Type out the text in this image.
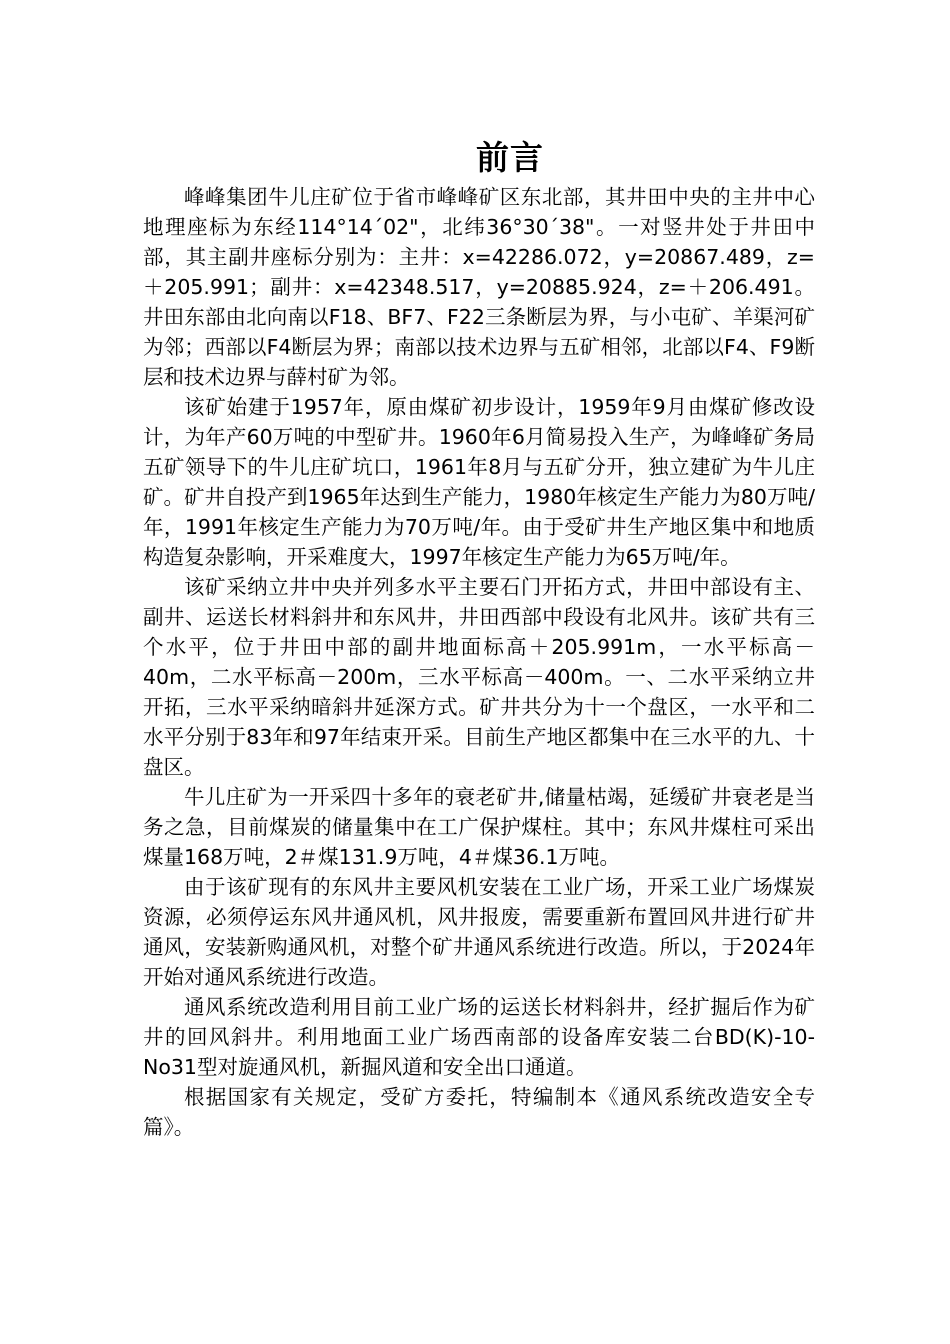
前言

峰峰集团牛儿庄矿位于省市峰峰矿区东北部，其井田中央的主井中心地理座标为东经114°14´02"，北纬36°30´38"。一对竖井处于井田中部，其主副井座标分别为：主井：x=42286.072，y=20867.489，z=＋205.991；副井：x=42348.517，y=20885.924，z=＋206.491。井田东部由北向南以F18、BF7、F22三条断层为界，与小屯矿、羊渠河矿为邻；西部以F4断层为界；南部以技术边界与五矿相邻，北部以F4、F9断层和技术边界与薛村矿为邻。

该矿始建于1957年，原由煤矿初步设计，1959年9月由煤矿修改设计，为年产60万吨的中型矿井。1960年6月简易投入生产，为峰峰矿务局五矿领导下的牛儿庄矿坑口，1961年8月与五矿分开，独立建矿为牛儿庄矿。矿井自投产到1965年达到生产能力，1980年核定生产能力为80万吨/年，1991年核定生产能力为70万吨/年。由于受矿井生产地区集中和地质构造复杂影响，开采难度大，1997年核定生产能力为65万吨/年。

该矿采纳立井中央并列多水平主要石门开拓方式，井田中部设有主、副井、运送长材料斜井和东风井，井田西部中段设有北风井。该矿共有三个水平，位于井田中部的副井地面标高＋205.991m，一水平标高－40m，二水平标高－200m，三水平标高－400m。一、二水平采纳立井开拓，三水平采纳暗斜井延深方式。矿井共分为十一个盘区，一水平和二水平分别于83年和97年结束开采。目前生产地区都集中在三水平的九、十盘区。

牛儿庄矿为一开采四十多年的衰老矿井,储量枯竭，延缓矿井衰老是当务之急，目前煤炭的储量集中在工广保护煤柱。其中；东风井煤柱可采出煤量168万吨，2＃煤131.9万吨，4＃煤36.1万吨。

由于该矿现有的东风井主要风机安装在工业广场，开采工业广场煤炭资源，必须停运东风井通风机，风井报废，需要重新布置回风井进行矿井通风，安装新购通风机，对整个矿井通风系统进行改造。所以，于2024年开始对通风系统进行改造。

通风系统改造利用目前工业广场的运送长材料斜井，经扩掘后作为矿井的回风斜井。利用地面工业广场西南部的设备库安装二台BD(K)-10-No31型对旋通风机，新掘风道和安全出口通道。

根据国家有关规定，受矿方委托，特编制本《通风系统改造安全专篇》。
